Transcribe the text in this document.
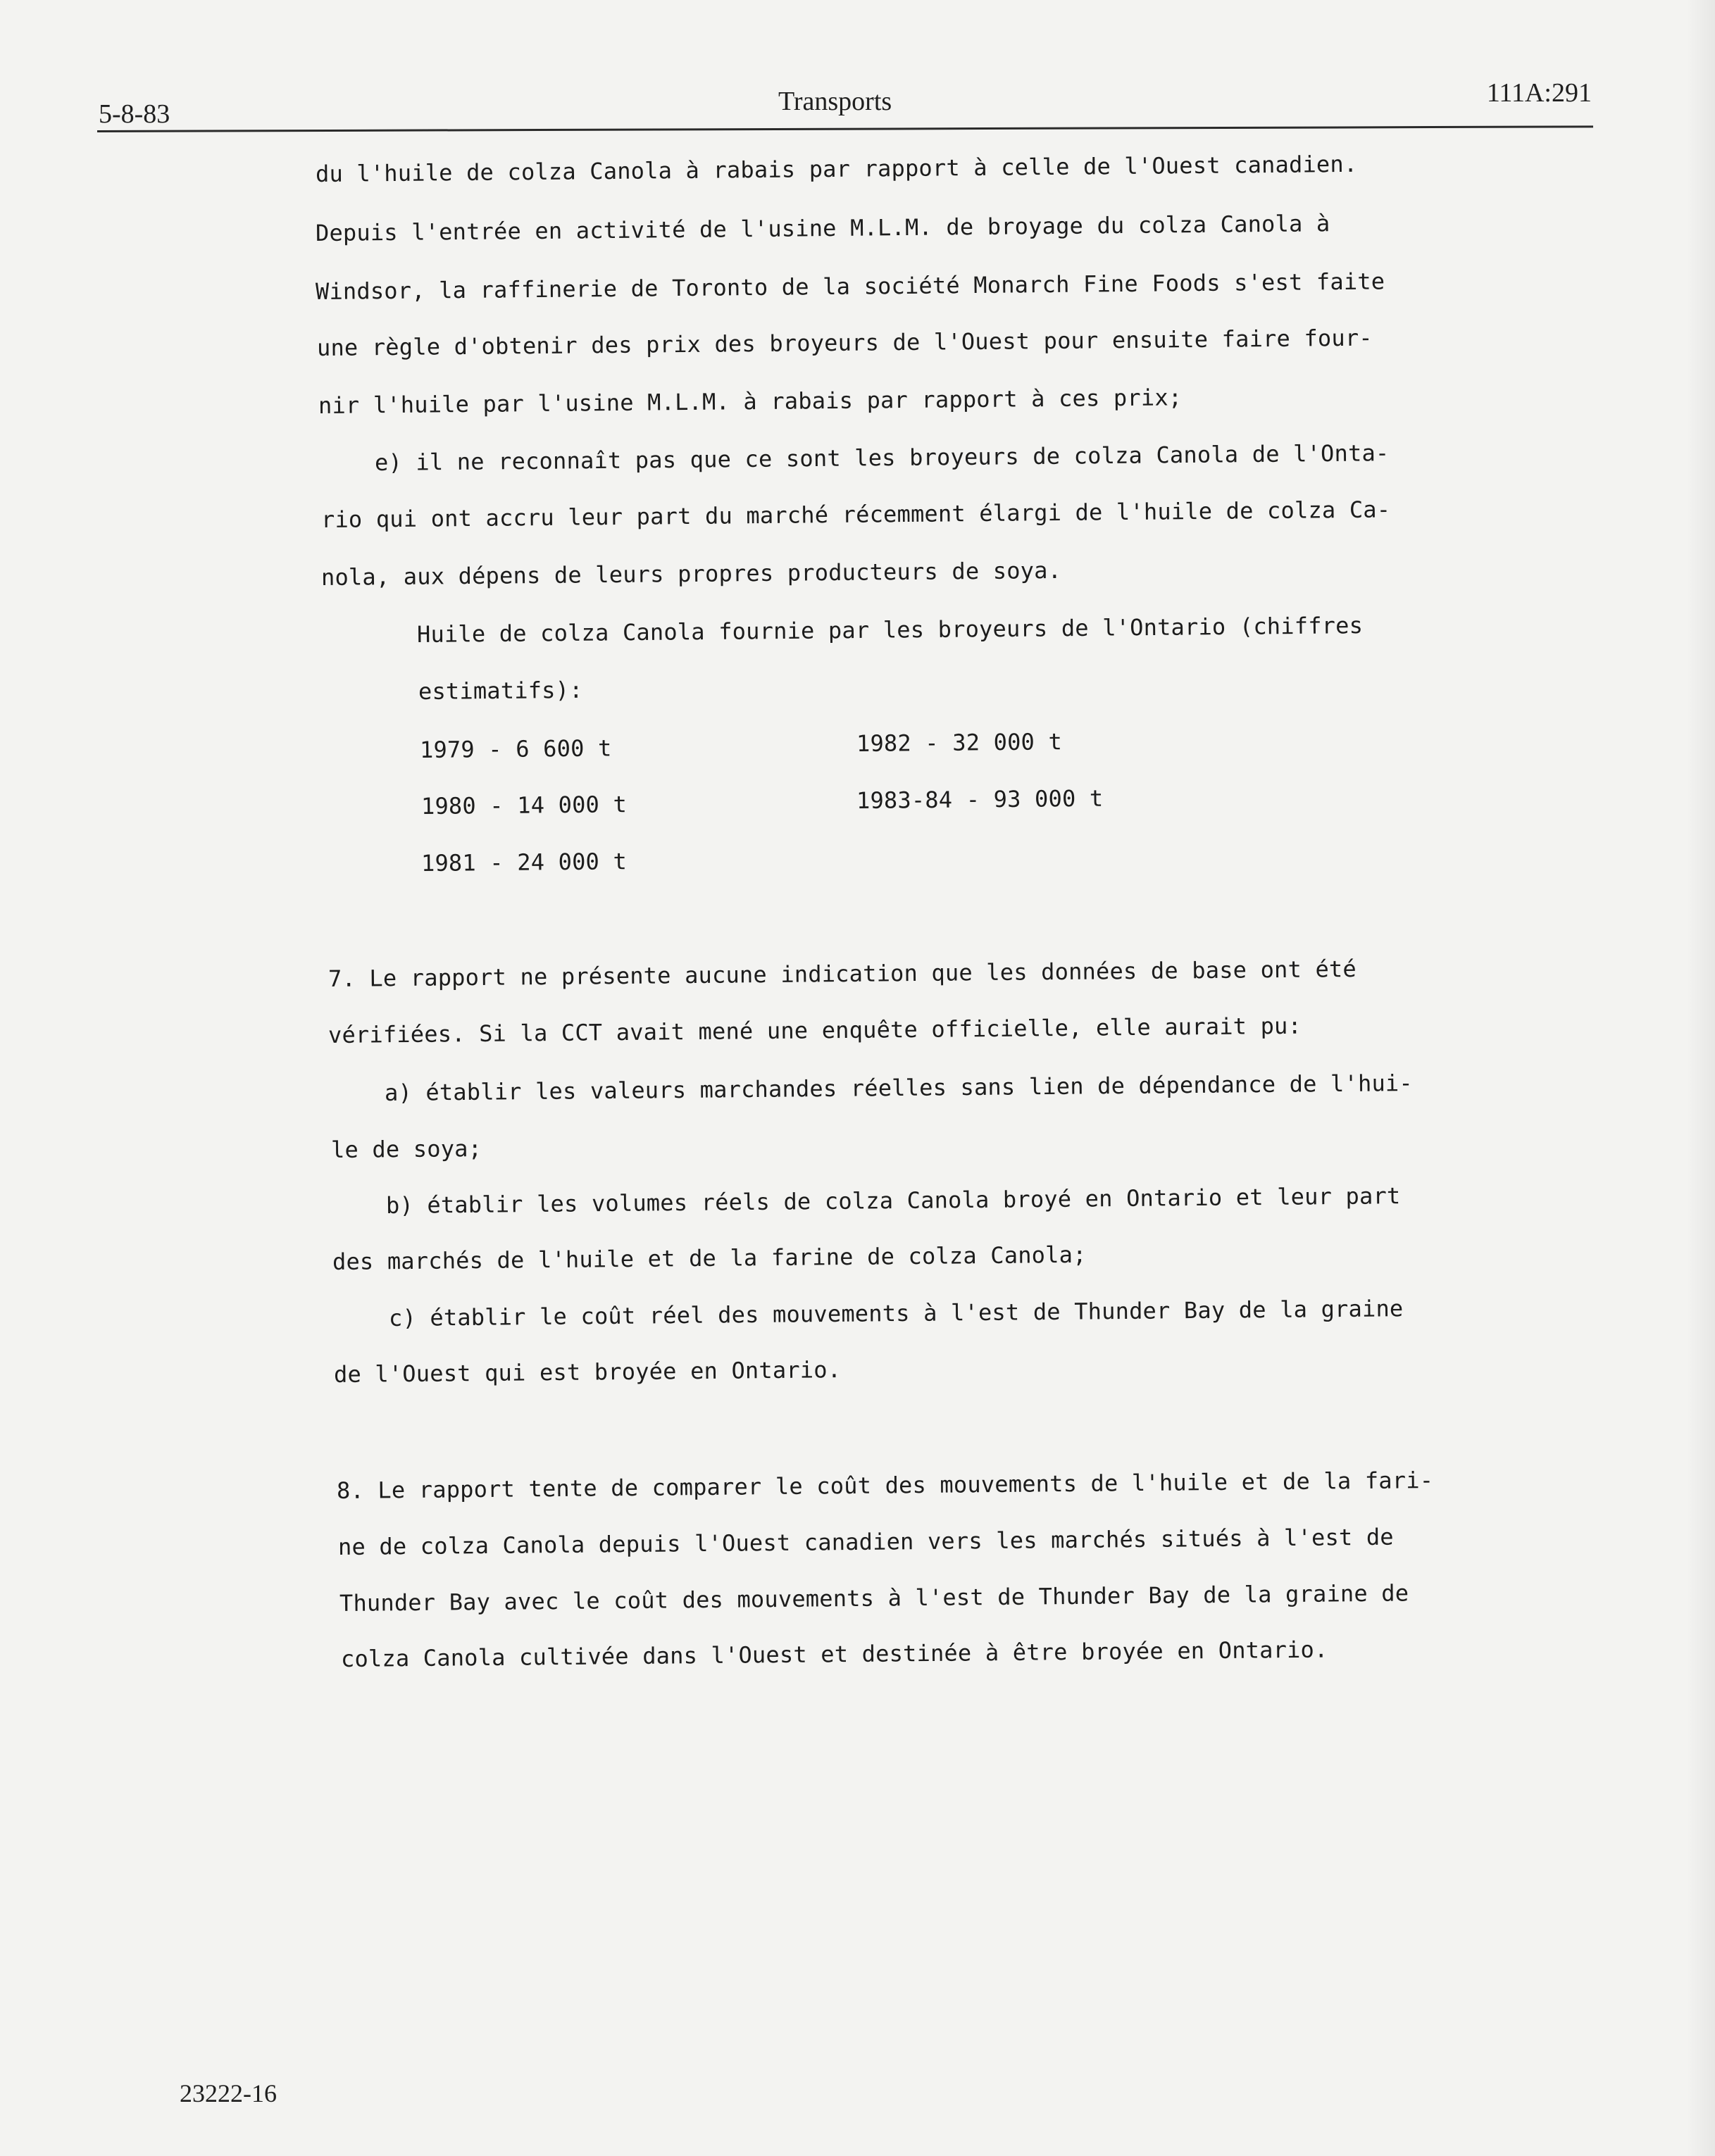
5-8-83	Transports	111A:291

du l'huile de colza Canola à rabais par rapport à celle de l'Ouest canadien.

Depuis l'entrée en activité de l'usine M.L.M. de broyage du colza Canola à

Windsor, la raffinerie de Toronto de la société Monarch Fine Foods s'est faite

une règle d'obtenir des prix des broyeurs de l'Ouest pour ensuite faire four-

nir l'huile par l'usine M.L.M. à rabais par rapport à ces prix;

e) il ne reconnaît pas que ce sont les broyeurs de colza Canola de l'Onta-

rio qui ont accru leur part du marché récemment élargi de l'huile de colza Ca-

nola, aux dépens de leurs propres producteurs de soya.

Huile de colza Canola fournie par les broyeurs de l'Ontario (chiffres

estimatifs):

1979 - 6 600 t

1980 - 14 000 t

1981 - 24 000 t

1982 - 32 000 t

1983-84 - 93 000 t

7. Le rapport ne présente aucune indication que les données de base ont été

vérifiées. Si la CCT avait mené une enquête officielle, elle aurait pu:

a) établir les valeurs marchandes réelles sans lien de dépendance de l'hui-

le de soya;

b) établir les volumes réels de colza Canola broyé en Ontario et leur part

des marchés de l'huile et de la farine de colza Canola;

c) établir le coût réel des mouvements à l'est de Thunder Bay de la graine

de l'Ouest qui est broyée en Ontario.

8. Le rapport tente de comparer le coût des mouvements de l'huile et de la fari-

ne de colza Canola depuis l'Ouest canadien vers les marchés situés à l'est de

Thunder Bay avec le coût des mouvements à l'est de Thunder Bay de la graine de

colza Canola cultivée dans l'Ouest et destinée à être broyée en Ontario.

23222-16
